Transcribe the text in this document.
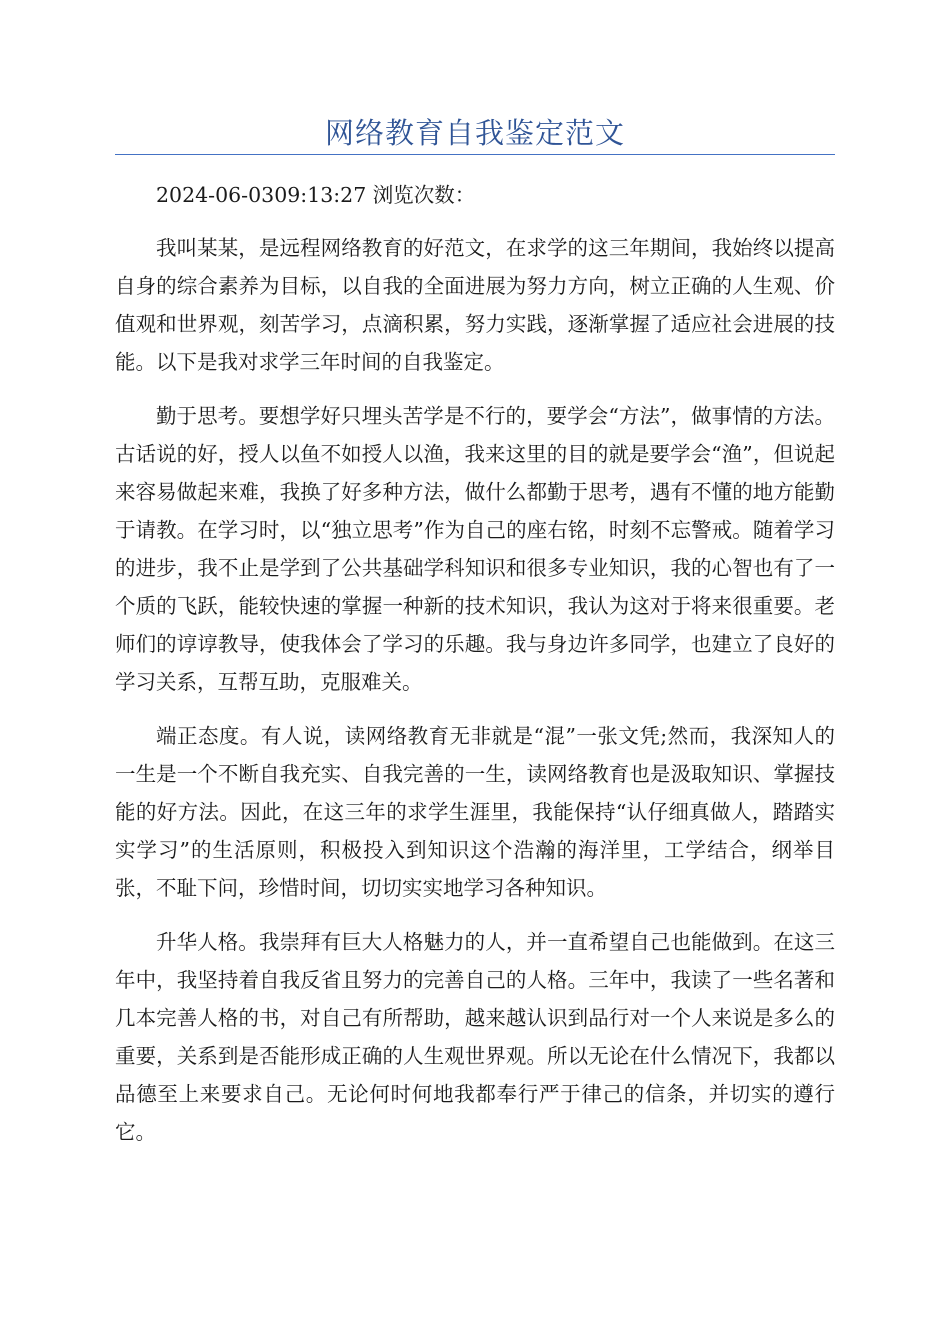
网络教育自我鉴定范文

2024-06-0309:13:27 浏览次数：

我叫某某，是远程网络教育的好范文，在求学的这三年期间，我始终以提高自身的综合素养为目标，以自我的全面进展为努力方向，树立正确的人生观、价值观和世界观，刻苦学习，点滴积累，努力实践，逐渐掌握了适应社会进展的技能。以下是我对求学三年时间的自我鉴定。

勤于思考。要想学好只埋头苦学是不行的，要学会“方法”，做事情的方法。古话说的好，授人以鱼不如授人以渔，我来这里的目的就是要学会“渔”，但说起来容易做起来难，我换了好多种方法，做什么都勤于思考，遇有不懂的地方能勤于请教。在学习时，以“独立思考”作为自己的座右铭，时刻不忘警戒。随着学习的进步，我不止是学到了公共基础学科知识和很多专业知识，我的心智也有了一个质的飞跃，能较快速的掌握一种新的技术知识，我认为这对于将来很重要。老师们的谆谆教导，使我体会了学习的乐趣。我与身边许多同学，也建立了良好的学习关系，互帮互助，克服难关。

端正态度。有人说，读网络教育无非就是“混”一张文凭;然而，我深知人的一生是一个不断自我充实、自我完善的一生，读网络教育也是汲取知识、掌握技能的好方法。因此，在这三年的求学生涯里，我能保持“认仔细真做人，踏踏实实学习”的生活原则，积极投入到知识这个浩瀚的海洋里，工学结合，纲举目张，不耻下问，珍惜时间，切切实实地学习各种知识。

升华人格。我崇拜有巨大人格魅力的人，并一直希望自己也能做到。在这三年中，我坚持着自我反省且努力的完善自己的人格。三年中，我读了一些名著和几本完善人格的书，对自己有所帮助，越来越认识到品行对一个人来说是多么的重要，关系到是否能形成正确的人生观世界观。所以无论在什么情况下，我都以品德至上来要求自己。无论何时何地我都奉行严于律己的信条，并切实的遵行它。
